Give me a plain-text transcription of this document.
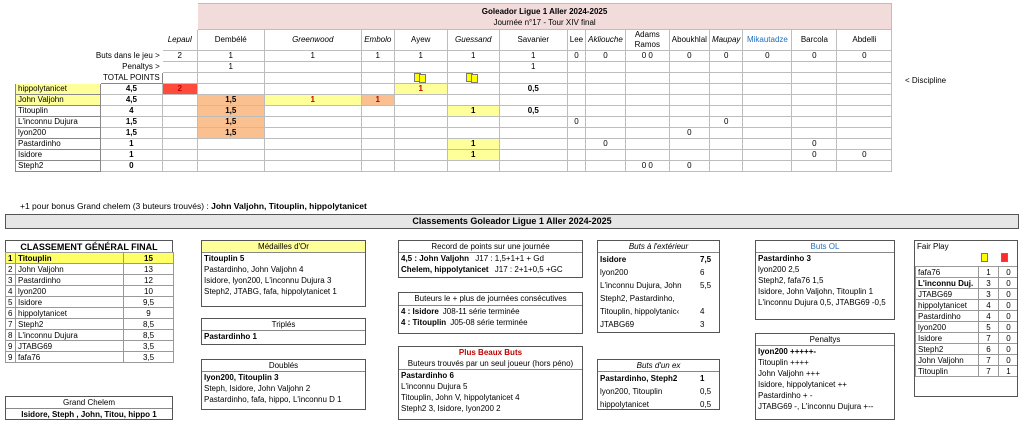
			Goleador Ligue 1 Aller 2024-2025
Journée n°17 - Tour XIV final													

		Lepaul	Dembélé	Greenwood	Embolo	Ayew	Guessand	Savanier	Lee	Akliouche	Adams Ramos	Aboukhlal	Maupay	Mikautadze	Barcola	Abdelli
Buts dans le jeu >		2	1	1	1	1	1	1	0	0	0 0	0	0	0	0	0
Penaltys >			1					1								
	TOTAL POINTS					

hippolytanicet	4,5	2				1		0,5								
John Valjohn	4,5		1,5	1	1											
Titouplin	4		1,5				1	0,5								
L'inconnu Dujura	1,5		1,5						0				0			
lyon200	1,5		1,5									0				
Pastardinho	1						1			0					0	
Isidore	1						1								0	0
Steph2	0										0 0	0				
< Discipline
+1 pour bonus Grand chelem (3 buteurs trouvés) : John Valjohn, Titouplin, hippolytanicet
Classements Goleador Ligue 1 Aller 2024-2025
CLASSEMENT GÉNÉRAL FINAL
1	Titouplin	15
2	John Valjohn	13
3	Pastardinho	12
4	lyon200	10
5	Isidore	9,5
6	hippolytanicet	9
7	Steph2	8,5
8	L'inconnu Dujura	8,5
9	JTABG69	3,5
9	fafa76	3,5
Grand Chelem
Isidore, Steph , John, Titou, hippo 1
Médailles d'Or
Titouplin 5
Pastardinho, John Valjohn 4
Isidore, lyon200, L'inconnu Dujura 3
Steph2, JTABG, fafa, hippolytanicet 1
Triplés
Pastardinho 1
Doublés
lyon200, Titouplin 3
Steph, Isidore, John Valjohn 2
Pastardinho, fafa, hippo, L'inconnu D 1
Record de points sur une journée
4,5 : John Valjohn J17 : 1,5+1+1 + Gd
Chelem, hippolytanicet J17 : 2+1+0,5 +GC
Buteurs le + plus de journées consécutives
4 : Isidore J08-11 série terminée
4 : Titouplin J05-08 série terminée
Plus Beaux Buts
Buteurs trouvés par un seul joueur (hors péno)
Pastardinho 6
L'inconnu Dujura 5
Titouplin, John V, hippolytanicet 4
Steph2 3, Isidore, lyon200 2
Buts à l'extérieur
Isidore	7,5
lyon200	6
L'inconnu Dujura, John 5,5
Steph2, Pastardinho,
Titouplin, hippolytanic‹	4
JTABG69	3
Buts d'un ex
Pastardinho, Steph2	1
lyon200, Titouplin	0,5
hippolytanicet	0,5
Buts OL
Pastardinho 3
lyon200 2,5
Steph2, fafa76 1,5
Isidore, John Valjohn, Titouplin 1
L'inconnu Dujura 0,5, JTABG69 -0,5
Penaltys
lyon200 +++++-
Titouplin ++++
John Valjohn +++
Isidore, hippolytanicet ++
Pastardinho + -
JTABG69 -, L'inconnu Dujura +--
Fair Play
fafa76	1	0
L'inconnu Duj.	3	0
JTABG69	3	0
hippolytanicet	4	0
Pastardinho	4	0
lyon200	5	0
Isidore	7	0
Steph2	6	0
John Valjohn	7	0
Titouplin	7	1
